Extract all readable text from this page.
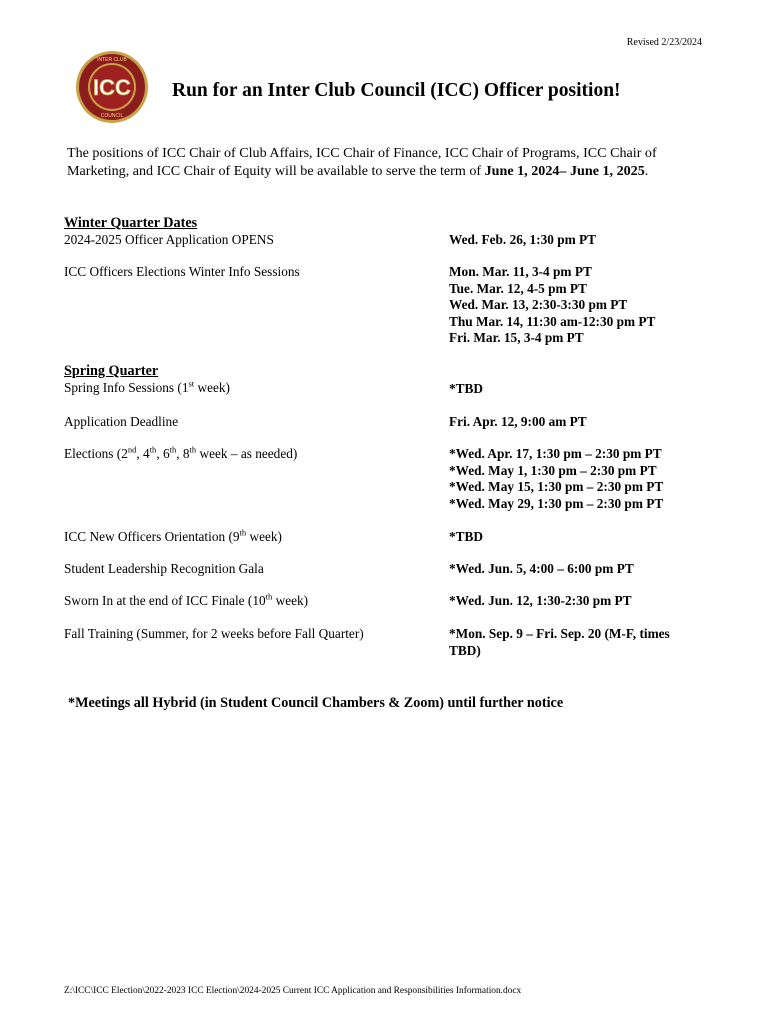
Revised 2/23/2024
ICC
INTER CLUB
COUNCIL
Run for an Inter Club Council (ICC) Officer position!
The positions of ICC Chair of Club Affairs, ICC Chair of Finance, ICC Chair of Programs, ICC Chair of Marketing, and ICC Chair of Equity will be available to serve the term of June 1, 2024– June 1, 2025.
Winter Quarter Dates
2024-2025 Officer Application OPENS	Wed. Feb. 26, 1:30 pm PT
ICC Officers Elections Winter Info Sessions	Mon. Mar. 11, 3-4 pm PT
Tue. Mar. 12, 4-5 pm PT
Wed. Mar. 13, 2:30-3:30 pm PT
Thu Mar. 14, 11:30 am-12:30 pm PT
Fri. Mar. 15, 3-4 pm PT
Spring Quarter
Spring Info Sessions (1st week)	*TBD
Application Deadline	Fri. Apr. 12, 9:00 am PT
Elections (2nd, 4th, 6th, 8th week – as needed)	*Wed. Apr. 17, 1:30 pm – 2:30 pm PT
*Wed. May 1, 1:30 pm – 2:30 pm PT
*Wed. May 15, 1:30 pm – 2:30 pm PT
*Wed. May 29, 1:30 pm – 2:30 pm PT
ICC New Officers Orientation (9th week)	*TBD
Student Leadership Recognition Gala	*Wed. Jun. 5, 4:00 – 6:00 pm PT
Sworn In at the end of ICC Finale (10th week)	*Wed. Jun. 12, 1:30-2:30 pm PT
Fall Training (Summer, for 2 weeks before Fall Quarter)	*Mon. Sep. 9 – Fri. Sep. 20 (M-F, times
TBD)
*Meetings all Hybrid (in Student Council Chambers & Zoom) until further notice
Z:\ICC\ICC Election\2022-2023 ICC Election\2024-2025 Current ICC Application and Responsibilities Information.docx
